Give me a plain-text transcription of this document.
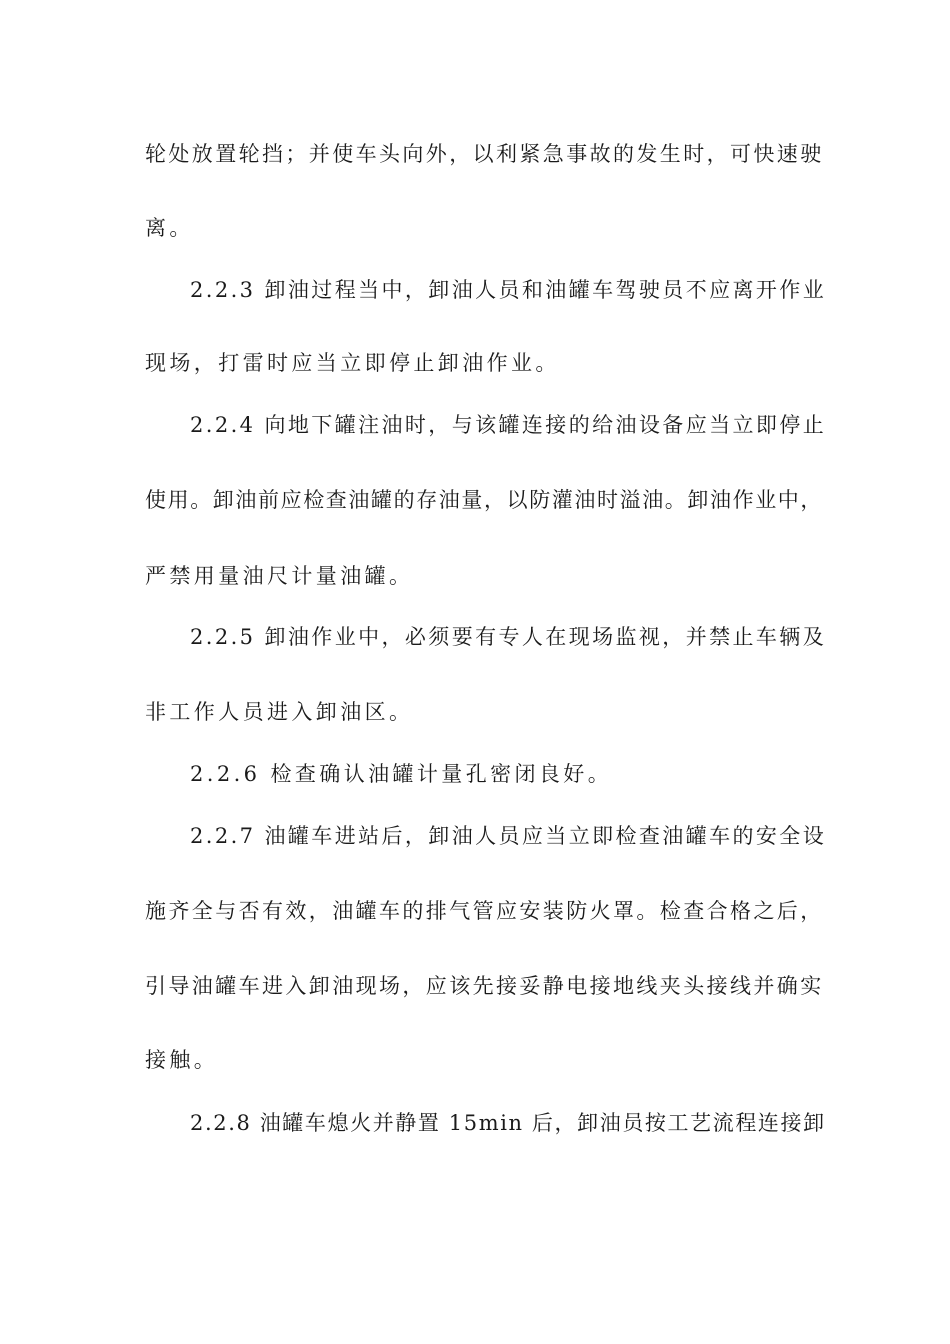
轮处放置轮挡；并使车头向外，以利紧急事故的发生时，可快速驶
离。
2.2.3 卸油过程当中，卸油人员和油罐车驾驶员不应离开作业
现场，打雷时应当立即停止卸油作业。
2.2.4 向地下罐注油时，与该罐连接的给油设备应当立即停止
使用。卸油前应检查油罐的存油量，以防灌油时溢油。卸油作业中，
严禁用量油尺计量油罐。
2.2.5 卸油作业中，必须要有专人在现场监视，并禁止车辆及
非工作人员进入卸油区。
2.2.6 检查确认油罐计量孔密闭良好。
2.2.7 油罐车进站后，卸油人员应当立即检查油罐车的安全设
施齐全与否有效，油罐车的排气管应安装防火罩。检查合格之后，
引导油罐车进入卸油现场，应该先接妥静电接地线夹头接线并确实
接触。
2.2.8 油罐车熄火并静置 15min 后，卸油员按工艺流程连接卸
